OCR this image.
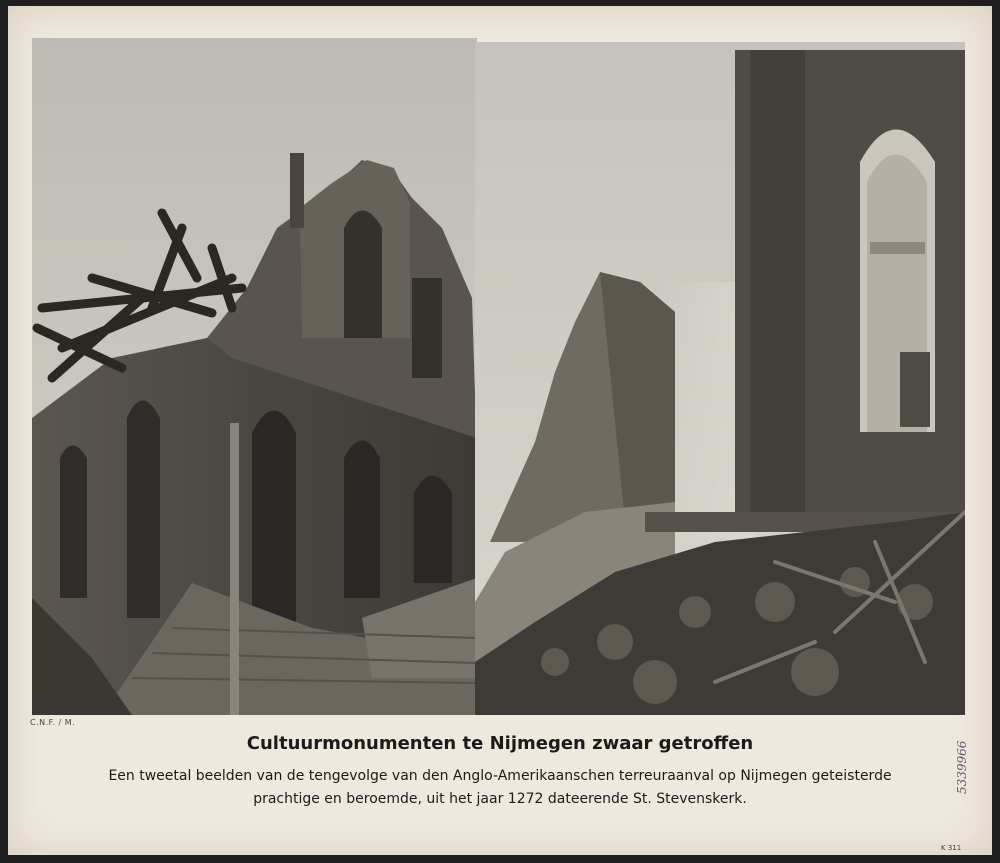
C.N.F. / M.
Cultuurmonumenten te Nijmegen zwaar getroffen
Een tweetal beelden van de tengevolge van den Anglo-Amerikaanschen terreuraanval op Nijmegen geteisterde
prachtige en beroemde, uit het jaar 1272 dateerende St. Stevenskerk.
5339966
K 311
